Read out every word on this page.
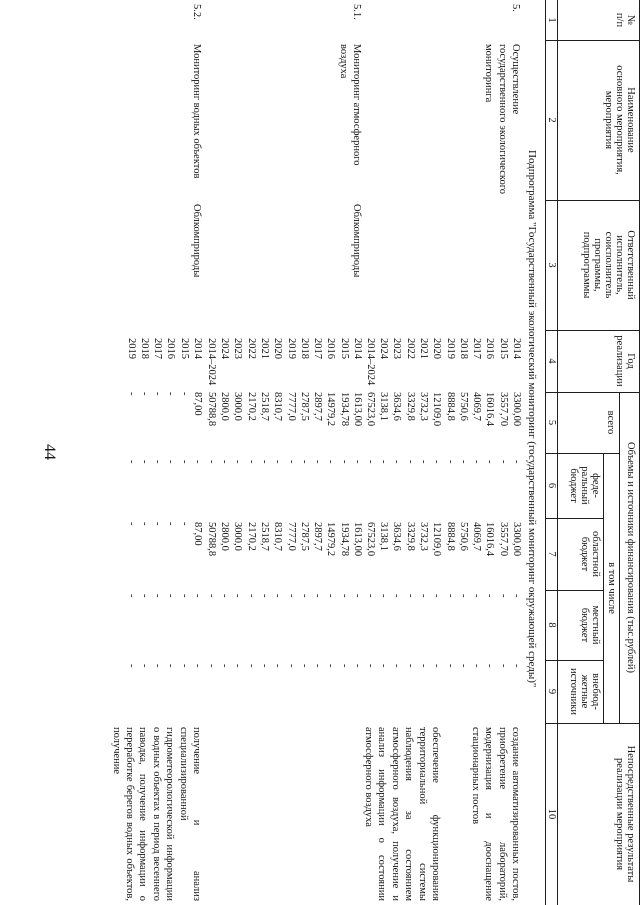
44
№
п/п
Наименование
основного мероприятия,
мероприятия
Ответственный
исполнитель,
соисполнитель
программы,
подпрограммы
Год
реализации
Объемы и источники финансирования (тыс.рублей)
всего
в том числе
феде-
ральный
бюджет
областной
бюджет
местный
бюджет
внебюд-
жетные
источники
Непосредственные результаты
реализации мероприятия
1
2
3
4
5
6
7
8
9
10
Подпрограмма "Государственный экологический мониторинг (государственный мониторинг окружающей среды)"
5.
Осуществление государственного экологического мониторинга
2014
2015
2016
2017
2018
2019
2020
2021
2022
2023
2024
2014–2024
3300,00
3557,70
16016,4
4069,7
5750,6
8884,8
12109,0
3732,3
3329,8
3634,6
3138,1
67523,0
-
-
-
-
-
-
-
-
-
-
-
-
3300,00
3557,70
16016,4
4069,7
5750,6
8884,8
12109,0
3732,3
3329,8
3634,6
3138,1
67523,0
-
-
-
-
-
-
-
-
-
-
-
-
-
-
-
-
-
-
-
-
-
-
-
-
5.1.
Мониторинг атмосферного воздуха
Облкомприроды
2014
2015
2016
2017
2018
2019
2020
2021
2022
2023
2024
2014–2024
1613,00
1934,78
14979,2
2897,7
2787,5
7777,0
8310,7
2518,7
2170,2
3000,0
2800,0
50788,8
-
-
-
-
-
-
-
-
-
-
-
-
1613,00
1934,78
14979,2
2897,7
2787,5
7777,0
8310,7
2518,7
2170,2
3000,0
2800,0
50788,8
-
-
-
-
-
-
-
-
-
-
-
-
-
-
-
-
-
-
-
-
-
-
-
-
создание автоматизированных постов, приобретение лабораторий, модернизация и дооснащение стационарных постов
обеспечение функционирования территориальной системы наблюдения за состоянием атмосферного воздуха, получение и анализ информации о состоянии атмосферного воздуха
5.2.
Мониторинг водных объектов
Облкомприроды
2014
2015
2016
2017
2018
2019
87,00
-
-
-
-
-
-
-
-
-
-
-
87,00
-
-
-
-
-
-
-
-
-
-
-
-
-
-
-
-
-
получение и анализ специализированной гидрометеорологической информации о водных объектах в период весеннего паводка, получение информации о переработке берегов водных объектов, получение
